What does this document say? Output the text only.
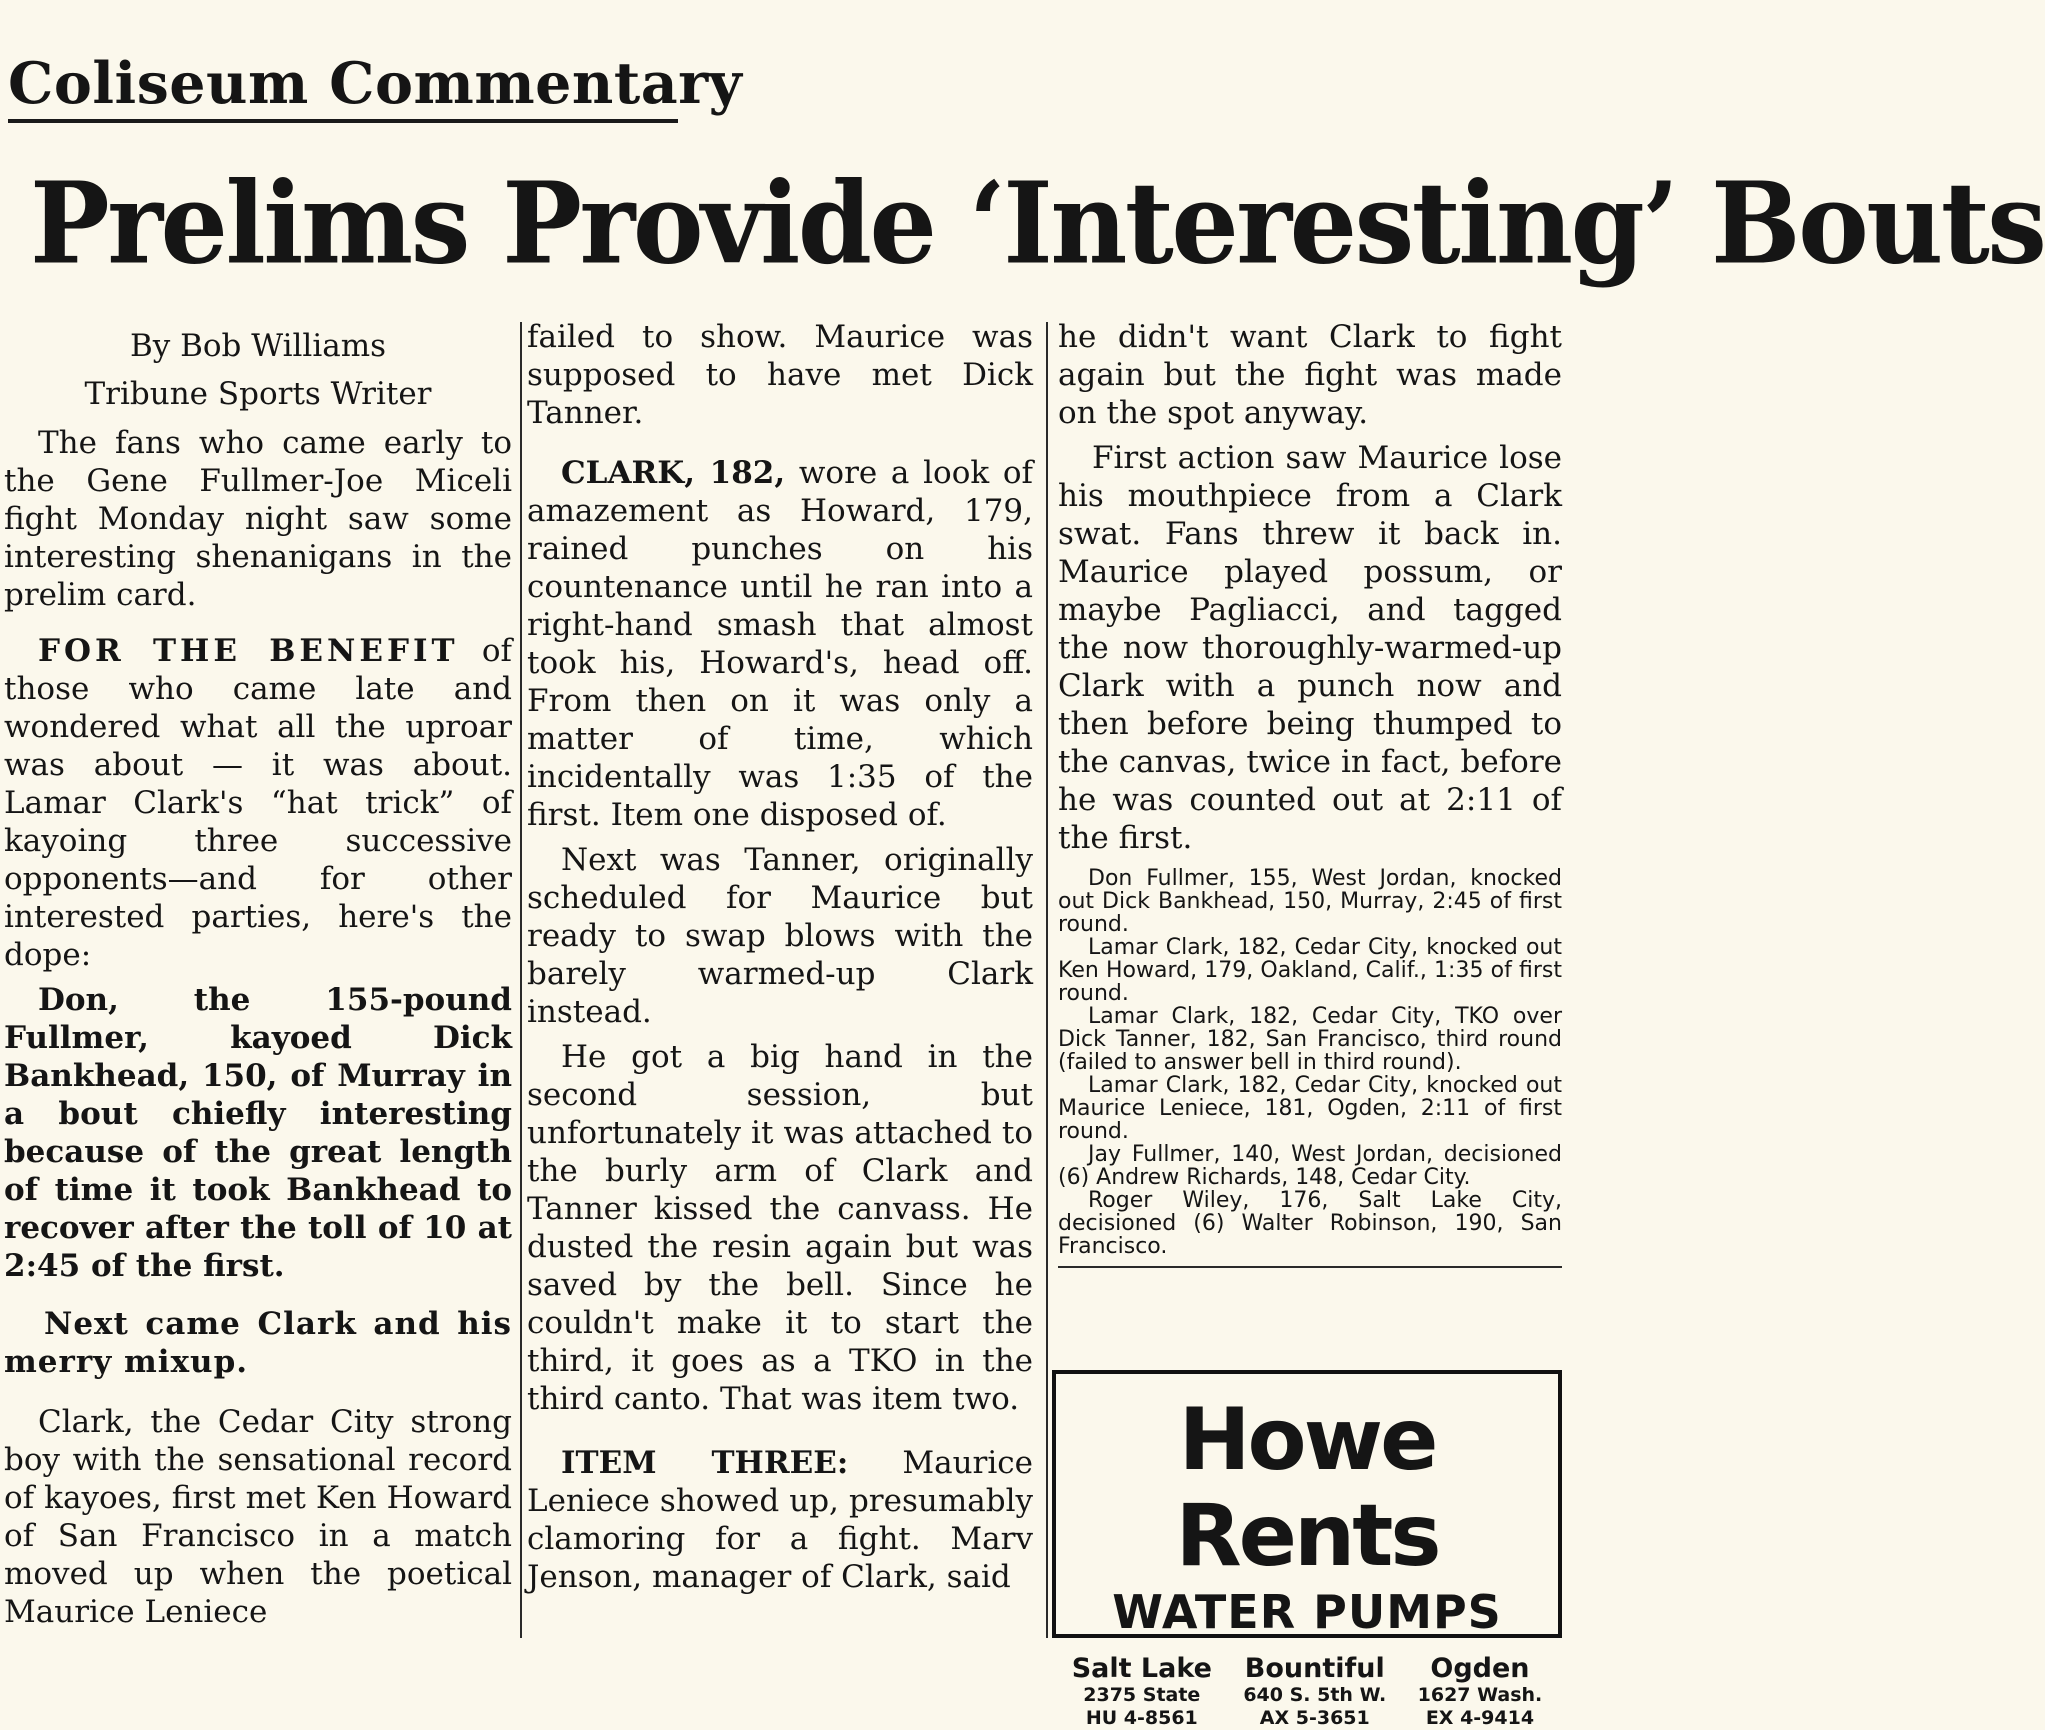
Coliseum Commentary
Prelims Provide ‘Interesting’ Bouts
By Bob Williams
Tribune Sports Writer

The fans who came early to the Gene Fullmer-Joe Miceli fight Monday night saw some interesting shenanigans in the prelim card.

FOR THE BENEFIT of those who came late and wondered what all the uproar was about — it was about. Lamar Clark's “hat trick” of kayoing three successive opponents—and for other interested parties, here's the dope:

Don, the 155-pound Fullmer, kayoed Dick Bankhead, 150, of Murray in a bout chiefly interesting because of the great length of time it took Bankhead to recover after the toll of 10 at 2:45 of the first.

Next came Clark and his merry mixup.

Clark, the Cedar City strong boy with the sensational record of kayoes, first met Ken Howard of San Francisco in a match moved up when the poetical Maurice Leniece

failed to show. Maurice was supposed to have met Dick Tanner.

CLARK, 182, wore a look of amazement as Howard, 179, rained punches on his countenance until he ran into a right-hand smash that almost took his, Howard's, head off. From then on it was only a matter of time, which incidentally was 1:35 of the first. Item one disposed of.

Next was Tanner, originally scheduled for Maurice but ready to swap blows with the barely warmed-up Clark instead.

He got a big hand in the second session, but unfortunately it was attached to the burly arm of Clark and Tanner kissed the canvass. He dusted the resin again but was saved by the bell. Since he couldn't make it to start the third, it goes as a TKO in the third canto. That was item two.

ITEM THREE: Maurice Leniece showed up, presumably clamoring for a fight. Marv Jenson, manager of Clark, said

he didn't want Clark to fight again but the fight was made on the spot anyway.

First action saw Maurice lose his mouthpiece from a Clark swat. Fans threw it back in. Maurice played possum, or maybe Pagliacci, and tagged the now thoroughly-warmed-up Clark with a punch now and then before being thumped to the canvas, twice in fact, before he was counted out at 2:11 of the first.

Don Fullmer, 155, West Jordan, knocked out Dick Bankhead, 150, Murray, 2:45 of first round.

Lamar Clark, 182, Cedar City, knocked out Ken Howard, 179, Oakland, Calif., 1:35 of first round.

Lamar Clark, 182, Cedar City, TKO over Dick Tanner, 182, San Francisco, third round (failed to answer bell in third round).

Lamar Clark, 182, Cedar City, knocked out Maurice Leniece, 181, Ogden, 2:11 of first round.

Jay Fullmer, 140, West Jordan, decisioned (6) Andrew Richards, 148, Cedar City.

Roger Wiley, 176, Salt Lake City, decisioned (6) Walter Robinson, 190, San Francisco.

Howe Rents
WATER PUMPS
Salt Lake
2375 State
HU 4-8561
Bountiful
640 S. 5th W.
AX 5-3651
Ogden
1627 Wash.
EX 4-9414
